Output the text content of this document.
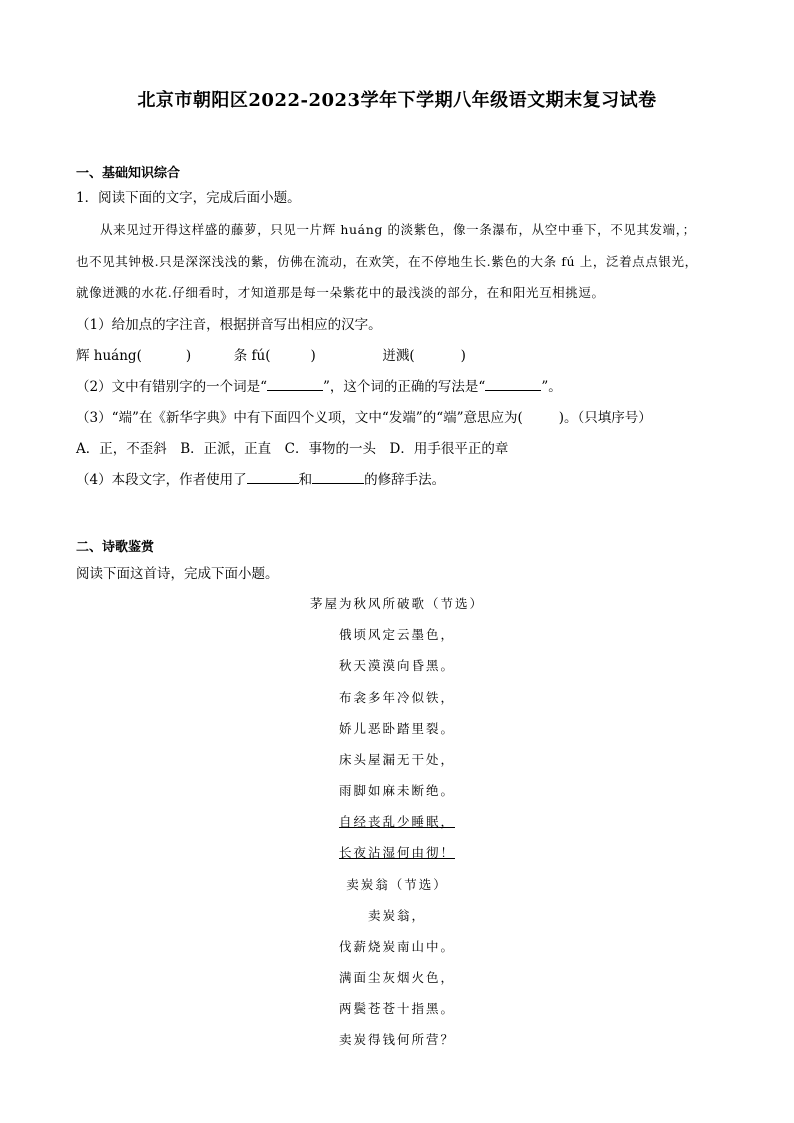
北京市朝阳区2022-2023学年下学期八年级语文期末复习试卷
一、基础知识综合
1．阅读下面的文字，完成后面小题。
从来见过开得这样盛的藤萝，只见一片辉 huáng 的淡紫色，像一条瀑布，从空中垂下，不见其发端，；
也不见其钟极.只是深深浅浅的紫，仿佛在流动，在欢笑，在不停地生长.紫色的大条 fú 上，泛着点点银光，
就像迸溅的水花.仔细看时，才知道那是每一朵紫花中的最浅淡的部分，在和阳光互相挑逗。
（1）给加点的字注音，根据拼音写出相应的汉字。
辉 huáng(	)	条 fú(	)	迸溅(	)
（2）文中有错别字的一个词是“	”，这个词的正确的写法是“	”。
（3）“端”在《新华字典》中有下面四个义项，文中“发端”的“端”意思应为(	)。（只填序号）
A．正，不歪斜　B．正派，正直　C．事物的一头　D．用手很平正的章
（4）本段文字，作者使用了	和	的修辞手法。
二、诗歌鉴赏
阅读下面这首诗，完成下面小题。
茅屋为秋风所破歌（节选）
俄顷风定云墨色，
秋天漠漠向昏黑。
布衾多年冷似铁，
娇儿恶卧踏里裂。
床头屋漏无干处，
雨脚如麻未断绝。
自经丧乱少睡眠，
长夜沾湿何由彻！
卖炭翁（节选）
卖炭翁，
伐薪烧炭南山中。
满面尘灰烟火色，
两鬓苍苍十指黑。
卖炭得钱何所营？
